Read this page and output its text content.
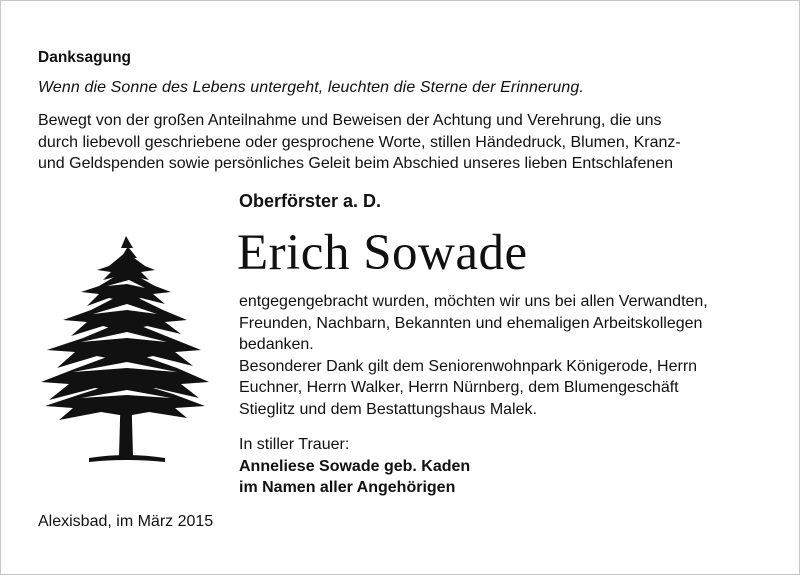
Danksagung
Wenn die Sonne des Lebens untergeht, leuchten die Sterne der Erinnerung.
Bewegt von der großen Anteilnahme und Beweisen der Achtung und Verehrung, die uns
durch liebevoll geschriebene oder gesprochene Worte, stillen Händedruck, Blumen, Kranz-
und Geldspenden sowie persönliches Geleit beim Abschied unseres lieben Entschlafenen
Oberförster a. D.
Erich Sowade
entgegengebracht wurden, möchten wir uns bei allen Verwandten,
Freunden, Nachbarn, Bekannten und ehemaligen Arbeitskollegen
bedanken.
Besonderer Dank gilt dem Seniorenwohnpark Königerode, Herrn
Euchner, Herrn Walker, Herrn Nürnberg, dem Blumengeschäft
Stieglitz und dem Bestattungshaus Malek.
In stiller Trauer:
Anneliese Sowade geb. Kaden
im Namen aller Angehörigen
Alexisbad, im März 2015
